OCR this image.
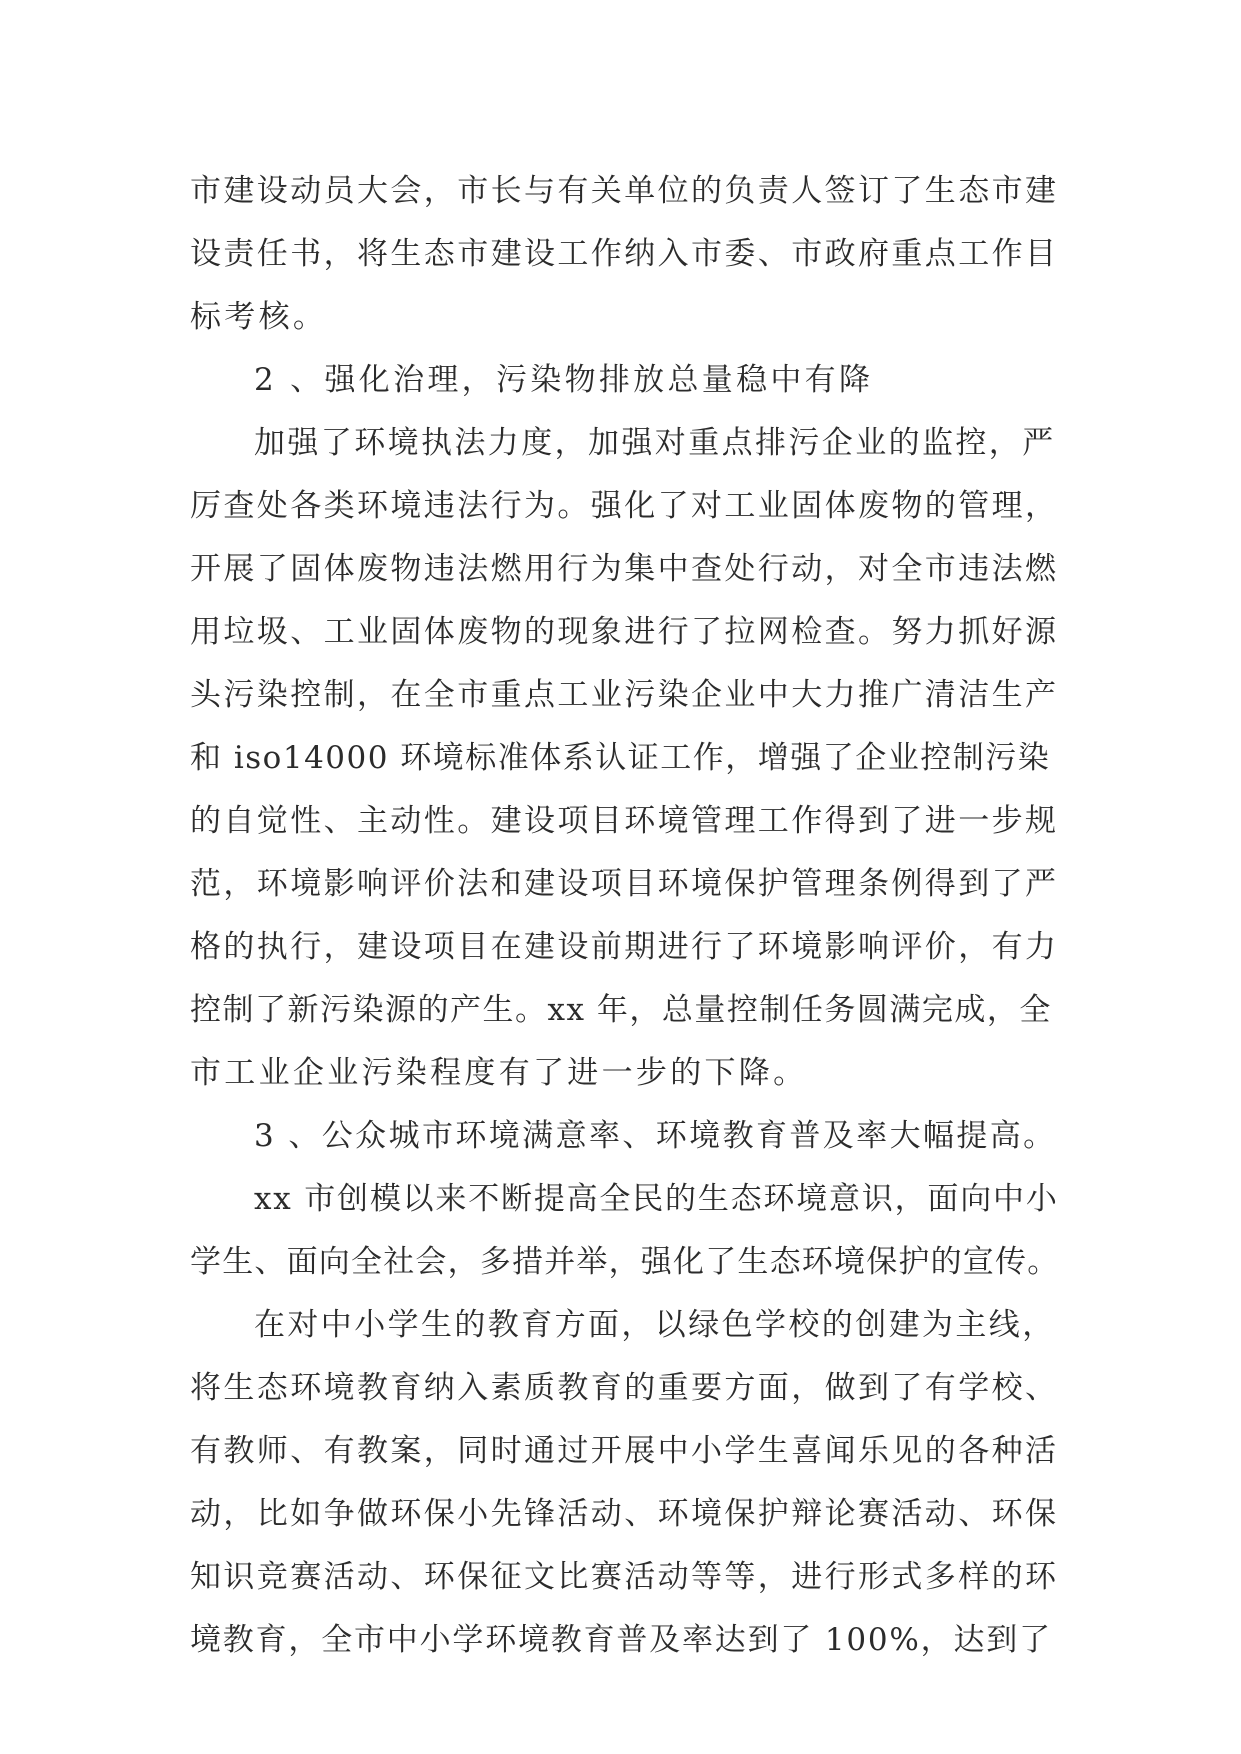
市建设动员大会，市长与有关单位的负责人签订了生态市建
设责任书，将生态市建设工作纳入市委、市政府重点工作目
标考核。
2 、强化治理，污染物排放总量稳中有降
加强了环境执法力度，加强对重点排污企业的监控，严
厉查处各类环境违法行为。强化了对工业固体废物的管理，
开展了固体废物违法燃用行为集中查处行动，对全市违法燃
用垃圾、工业固体废物的现象进行了拉网检查。努力抓好源
头污染控制，在全市重点工业污染企业中大力推广清洁生产
和 iso14000 环境标准体系认证工作，增强了企业控制污染
的自觉性、主动性。建设项目环境管理工作得到了进一步规
范，环境影响评价法和建设项目环境保护管理条例得到了严
格的执行，建设项目在建设前期进行了环境影响评价，有力
控制了新污染源的产生。xx 年，总量控制任务圆满完成，全
市工业企业污染程度有了进一步的下降。
3 、公众城市环境满意率、环境教育普及率大幅提高。
xx 市创模以来不断提高全民的生态环境意识，面向中小
学生、面向全社会，多措并举，强化了生态环境保护的宣传。
在对中小学生的教育方面，以绿色学校的创建为主线，
将生态环境教育纳入素质教育的重要方面，做到了有学校、
有教师、有教案，同时通过开展中小学生喜闻乐见的各种活
动，比如争做环保小先锋活动、环境保护辩论赛活动、环保
知识竞赛活动、环保征文比赛活动等等，进行形式多样的环
境教育，全市中小学环境教育普及率达到了 100%，达到了
